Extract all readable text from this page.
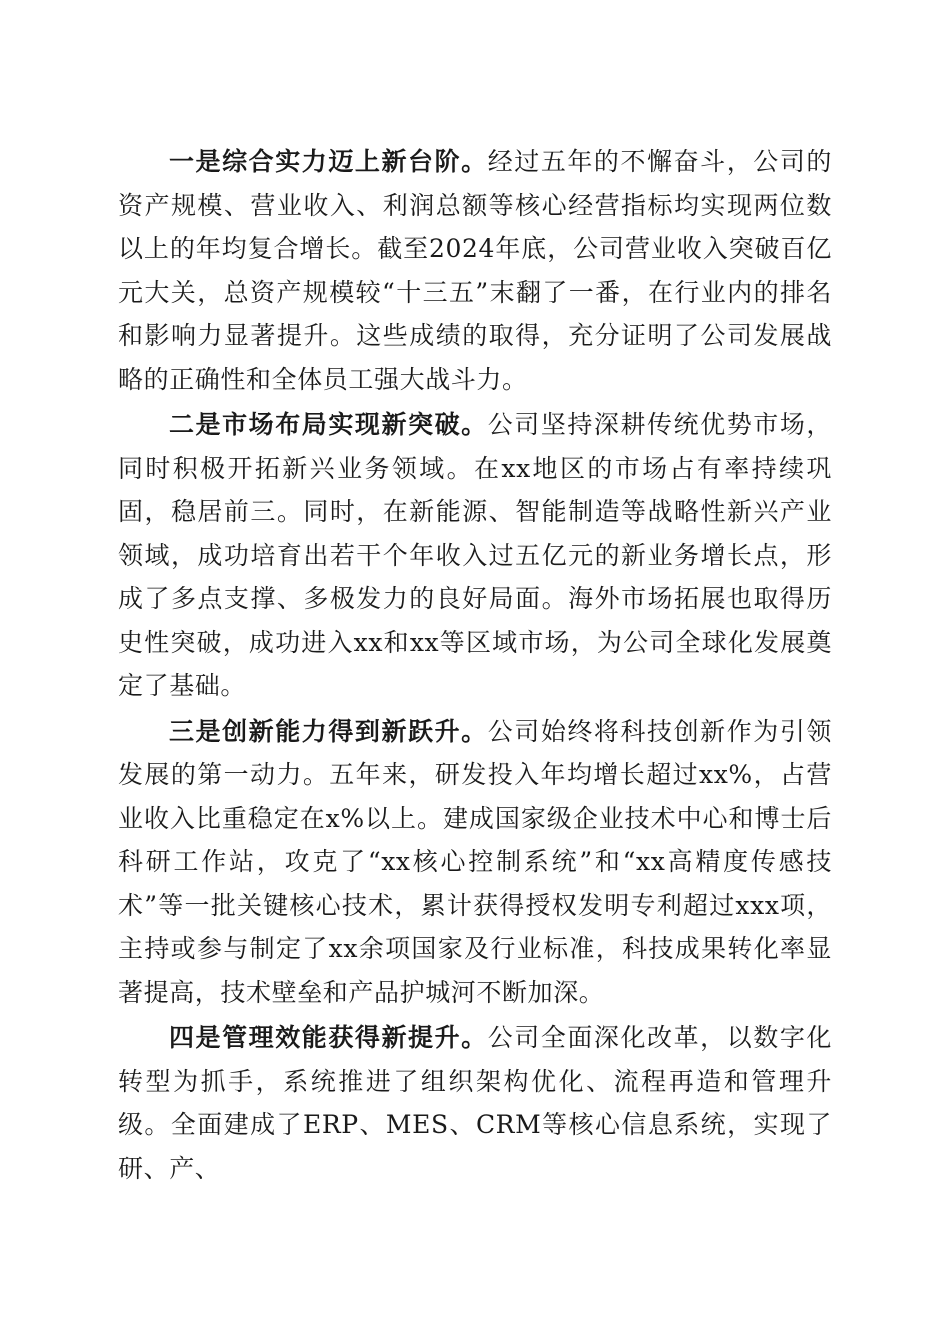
一是综合实力迈上新台阶。经过五年的不懈奋斗，公司的资产规模、营业收入、利润总额等核心经营指标均实现两位数以上的年均复合增长。截至2024年底，公司营业收入突破百亿元大关，总资产规模较“十三五”末翻了一番，在行业内的排名和影响力显著提升。这些成绩的取得，充分证明了公司发展战略的正确性和全体员工强大战斗力。

二是市场布局实现新突破。公司坚持深耕传统优势市场，同时积极开拓新兴业务领域。在xx地区的市场占有率持续巩固，稳居前三。同时，在新能源、智能制造等战略性新兴产业领域，成功培育出若干个年收入过五亿元的新业务增长点，形成了多点支撑、多极发力的良好局面。海外市场拓展也取得历史性突破，成功进入xx和xx等区域市场，为公司全球化发展奠定了基础。

三是创新能力得到新跃升。公司始终将科技创新作为引领发展的第一动力。五年来，研发投入年均增长超过xx%，占营业收入比重稳定在x%以上。建成国家级企业技术中心和博士后科研工作站，攻克了“xx核心控制系统”和“xx高精度传感技术”等一批关键核心技术，累计获得授权发明专利超过xxx项，主持或参与制定了xx余项国家及行业标准，科技成果转化率显著提高，技术壁垒和产品护城河不断加深。

四是管理效能获得新提升。公司全面深化改革，以数字化转型为抓手，系统推进了组织架构优化、流程再造和管理升级。全面建成了ERP、MES、CRM等核心信息系统，实现了研、产、
